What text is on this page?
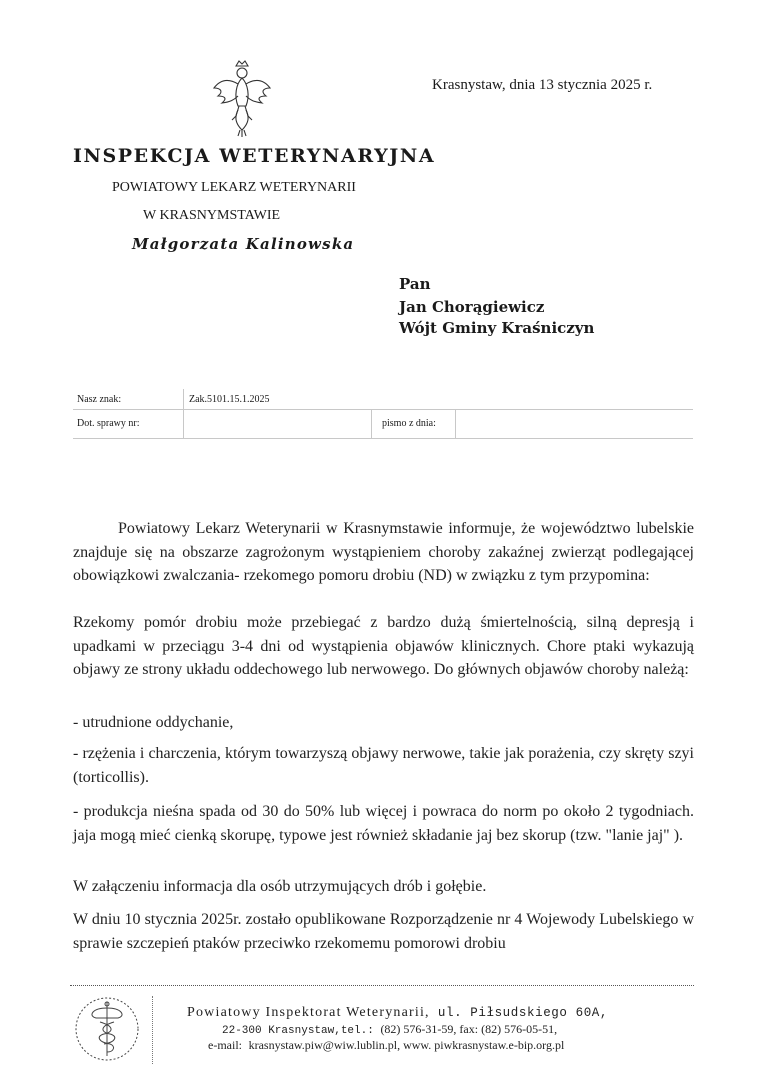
Krasnystaw, dnia 13 stycznia 2025 r.
INSPEKCJA WETERYNARYJNA
POWIATOWY LEKARZ WETERYNARII
W KRASNYMSTAWIE
Małgorzata Kalinowska
Pan
Jan Chorągiewicz
Wójt Gminy Kraśniczyn
Nasz znak:	Zak.5101.15.1.2025
Dot. sprawy nr:	pismo z dnia:
Powiatowy Lekarz Weterynarii w Krasnymstawie informuje, że województwo lubelskie znajduje się na obszarze zagrożonym wystąpieniem choroby zakaźnej zwierząt podlegającej obowiązkowi zwalczania- rzekomego pomoru drobiu (ND) w związku z tym przypomina:
Rzekomy pomór drobiu może przebiegać z bardzo dużą śmiertelnością, silną depresją i upadkami w przeciągu 3-4 dni od wystąpienia objawów klinicznych. Chore ptaki wykazują objawy ze strony układu oddechowego lub nerwowego. Do głównych objawów choroby należą:
- utrudnione oddychanie,
- rzężenia i charczenia, którym towarzyszą objawy nerwowe, takie jak porażenia, czy skręty szyi (torticollis).
- produkcja nieśna spada od 30 do 50% lub więcej i powraca do norm po około 2 tygodniach. jaja mogą mieć cienką skorupę, typowe jest również składanie jaj bez skorup (tzw. "lanie jaj" ).
W załączeniu informacja dla osób utrzymujących drób i gołębie.
W dniu 10 stycznia 2025r. zostało opublikowane Rozporządzenie nr 4 Wojewody Lubelskiego w sprawie szczepień ptaków przeciwko rzekomemu pomorowi drobiu
Powiatowy Inspektorat Weterynarii, ul. Piłsudskiego 60A,
22-300 Krasnystaw,tel.: (82) 576-31-59, fax: (82) 576-05-51,
e-mail: krasnystaw.piw@wiw.lublin.pl, www. piwkrasnystaw.e-bip.org.pl
